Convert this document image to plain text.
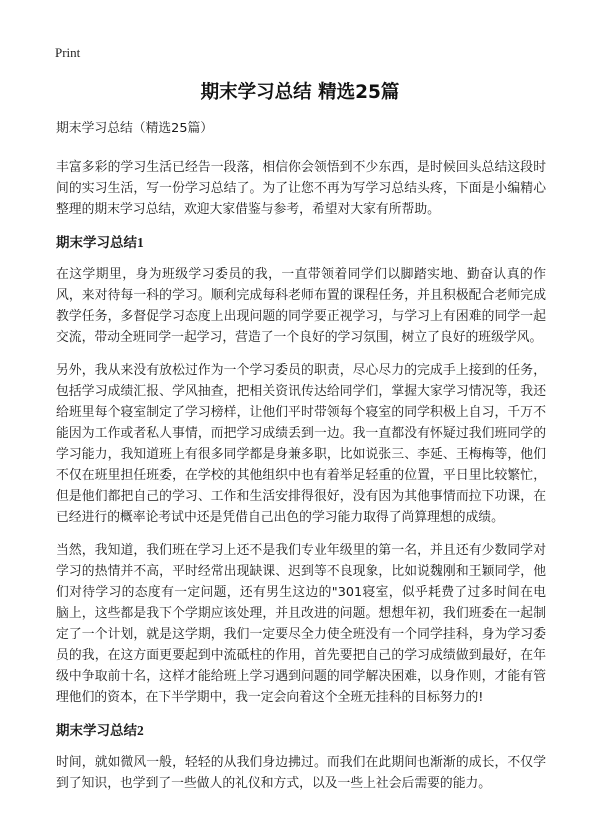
Print
期末学习总结 精选25篇

期末学习总结（精选25篇）

丰富多彩的学习生活已经告一段落，相信你会领悟到不少东西，是时候回头总结这段时间的实习生活，写一份学习总结了。为了让您不再为写学习总结头疼，下面是小编精心整理的期末学习总结，欢迎大家借鉴与参考，希望对大家有所帮助。

期末学习总结1

在这学期里，身为班级学习委员的我，一直带领着同学们以脚踏实地、勤奋认真的作风，来对待每一科的学习。顺利完成每科老师布置的课程任务，并且积极配合老师完成教学任务，多督促学习态度上出现问题的同学要正视学习，与学习上有困难的同学一起交流，带动全班同学一起学习，营造了一个良好的学习氛围，树立了良好的班级学风。

另外，我从来没有放松过作为一个学习委员的职责，尽心尽力的完成手上接到的任务，包括学习成绩汇报、学风抽查，把相关资讯传达给同学们，掌握大家学习情况等，我还给班里每个寝室制定了学习榜样，让他们平时带领每个寝室的同学积极上自习，千万不能因为工作或者私人事情，而把学习成绩丢到一边。我一直都没有怀疑过我们班同学的学习能力，我知道班上有很多同学都是身兼多职，比如说张三、李延、王梅梅等，他们不仅在班里担任班委，在学校的其他组织中也有着举足轻重的位置，平日里比较繁忙，但是他们都把自己的学习、工作和生活安排得很好，没有因为其他事情而拉下功课，在已经进行的概率论考试中还是凭借自己出色的学习能力取得了尚算理想的成绩。

当然，我知道，我们班在学习上还不是我们专业年级里的第一名，并且还有少数同学对学习的热情并不高，平时经常出现缺课、迟到等不良现象，比如说魏刚和王颖同学，他们对待学习的态度有一定问题，还有男生这边的"301寝室，似乎耗费了过多时间在电脑上，这些都是我下个学期应该处理，并且改进的问题。想想年初，我们班委在一起制定了一个计划，就是这学期，我们一定要尽全力使全班没有一个同学挂科，身为学习委员的我，在这方面更要起到中流砥柱的作用，首先要把自己的学习成绩做到最好，在年级中争取前十名，这样才能给班上学习遇到问题的同学解决困难，以身作则，才能有管理他们的资本，在下半学期中，我一定会向着这个全班无挂科的目标努力的!

期末学习总结2

时间，就如微风一般，轻轻的从我们身边拂过。而我们在此期间也渐渐的成长，不仅学到了知识，也学到了一些做人的礼仪和方式，以及一些上社会后需要的能力。
